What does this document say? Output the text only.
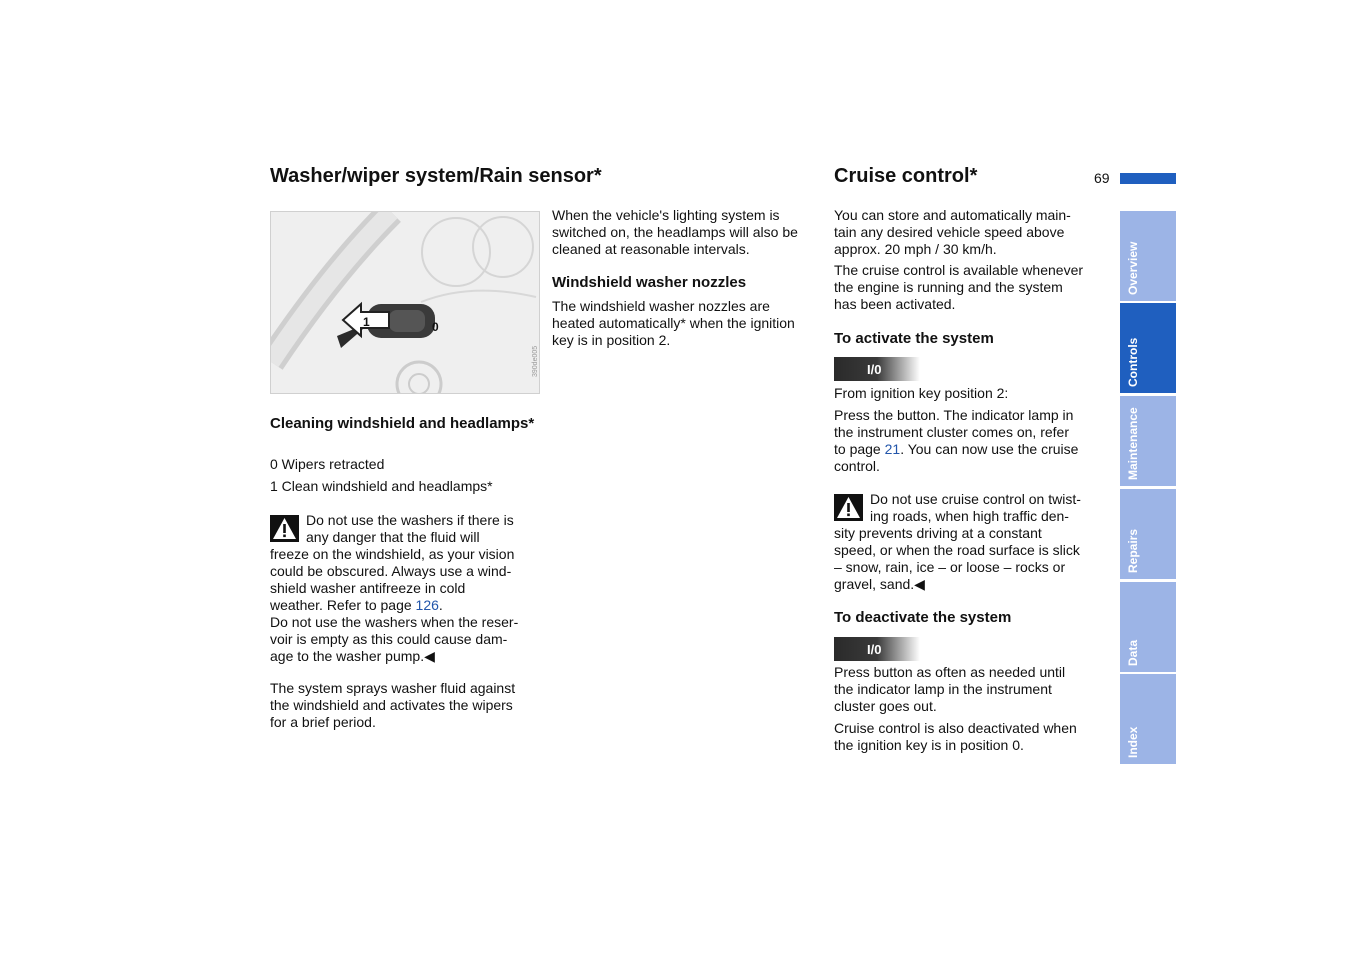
Washer/wiper system/Rain sensor*
1	0
390de005
Cleaning windshield and headlamps*
0 Wipers retracted
1 Clean windshield and headlamps*
Do not use the washers if there is
any danger that the fluid will
freeze on the windshield, as your vision
could be obscured. Always use a wind-
shield washer antifreeze in cold
weather. Refer to page 126.
Do not use the washers when the reser-
voir is empty as this could cause dam-
age to the washer pump.◀
The system sprays washer fluid against
the windshield and activates the wipers
for a brief period.
When the vehicle's lighting system is
switched on, the headlamps will also be
cleaned at reasonable intervals.
Windshield washer nozzles
The windshield washer nozzles are
heated automatically* when the ignition
key is in position 2.
Cruise control*
You can store and automatically main-
tain any desired vehicle speed above
approx. 20 mph / 30 km/h.
The cruise control is available whenever
the engine is running and the system
has been activated.
To activate the system
I/0
From ignition key position 2:
Press the button. The indicator lamp in
the instrument cluster comes on, refer
to page 21. You can now use the cruise
control.
Do not use cruise control on twist-
ing roads, when high traffic den-
sity prevents driving at a constant
speed, or when the road surface is slick
– snow, rain, ice – or loose – rocks or
gravel, sand.◀
To deactivate the system
I/0
Press button as often as needed until
the indicator lamp in the instrument
cluster goes out.
Cruise control is also deactivated when
the ignition key is in position 0.
69
Overview
Controls
Maintenance
Repairs
Data
Index
